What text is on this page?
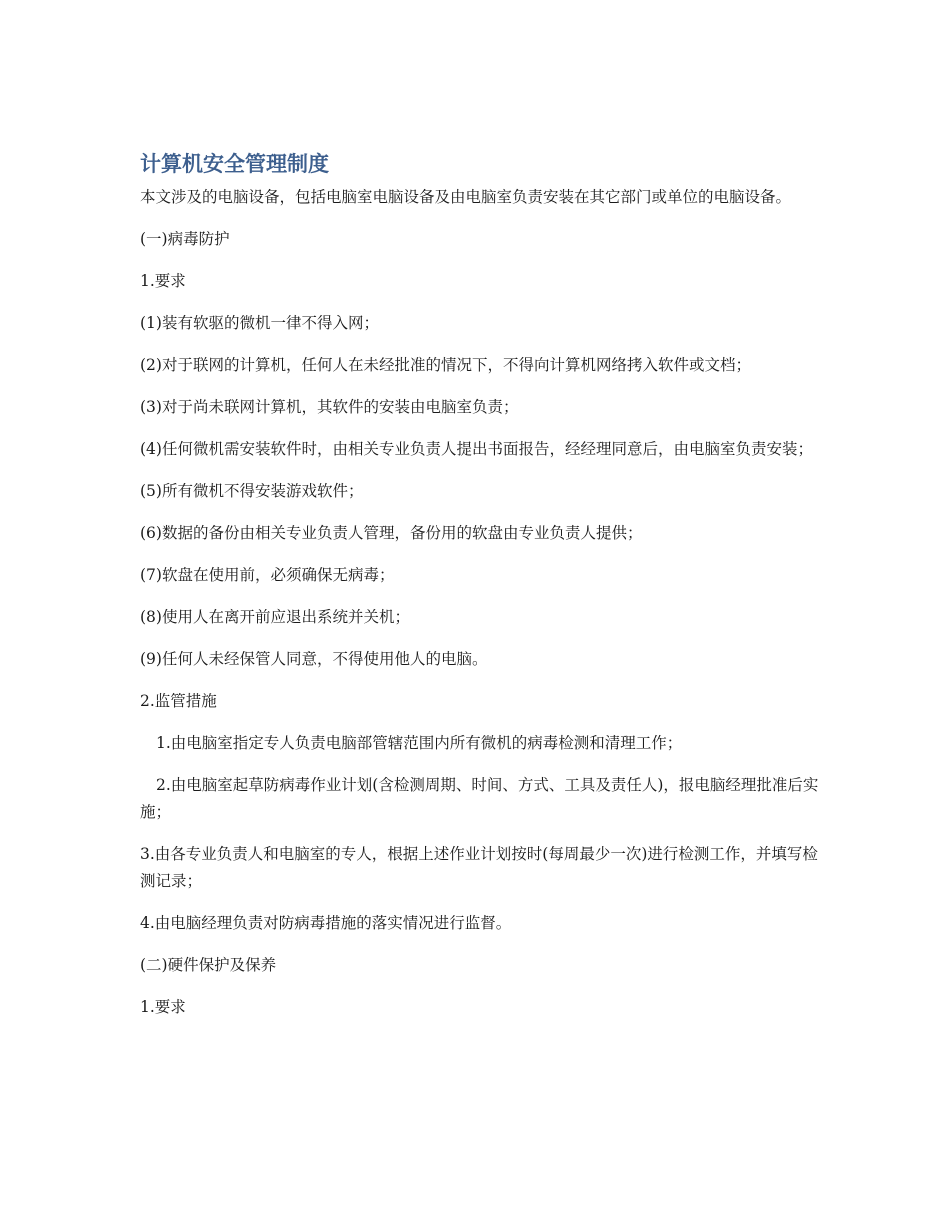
计算机安全管理制度

本文涉及的电脑设备，包括电脑室电脑设备及由电脑室负责安装在其它部门或单位的电脑设备。

(一)病毒防护

1.要求

(1)装有软驱的微机一律不得入网；

(2)对于联网的计算机，任何人在未经批准的情况下，不得向计算机网络拷入软件或文档；

(3)对于尚未联网计算机，其软件的安装由电脑室负责；

(4)任何微机需安装软件时，由相关专业负责人提出书面报告，经经理同意后，由电脑室负责安装；

(5)所有微机不得安装游戏软件；

(6)数据的备份由相关专业负责人管理，备份用的软盘由专业负责人提供；

(7)软盘在使用前，必须确保无病毒；

(8)使用人在离开前应退出系统并关机；

(9)任何人未经保管人同意，不得使用他人的电脑。

2.监管措施

1.由电脑室指定专人负责电脑部管辖范围内所有微机的病毒检测和清理工作；

2.由电脑室起草防病毒作业计划(含检测周期、时间、方式、工具及责任人)，报电脑经理批准后实施；

3.由各专业负责人和电脑室的专人，根据上述作业计划按时(每周最少一次)进行检测工作，并填写检测记录；

4.由电脑经理负责对防病毒措施的落实情况进行监督。

(二)硬件保护及保养

1.要求
